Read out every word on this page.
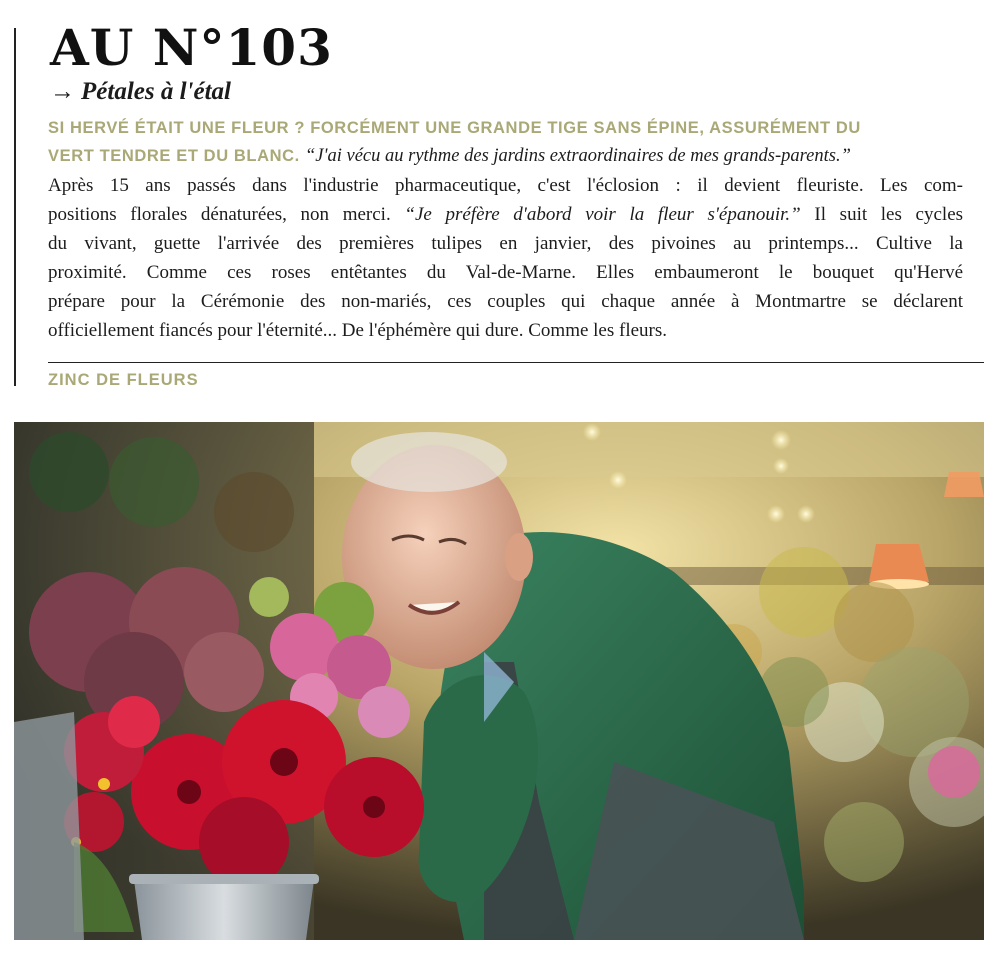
AU N°103
→ Pétales à l'étal
SI HERVÉ ÉTAIT UNE FLEUR ? FORCÉMENT UNE GRANDE TIGE SANS ÉPINE, ASSURÉMENT DU
VERT TENDRE ET DU BLANC. “J'ai vécu au rythme des jardins extraordinaires de mes grands-parents.”
Après 15 ans passés dans l'industrie pharmaceutique, c'est l'éclosion : il devient fleuriste. Les com-
positions florales dénaturées, non merci. “Je préfère d'abord voir la fleur s'épanouir.” Il suit les cycles
du vivant, guette l'arrivée des premières tulipes en janvier, des pivoines au printemps... Cultive la
proximité. Comme ces roses entêtantes du Val-de-Marne. Elles embaumeront le bouquet qu'Hervé
prépare pour la Cérémonie des non-mariés, ces couples qui chaque année à Montmartre se déclarent
officiellement fiancés pour l'éternité... De l'éphémère qui dure. Comme les fleurs.
ZINC DE FLEURS
